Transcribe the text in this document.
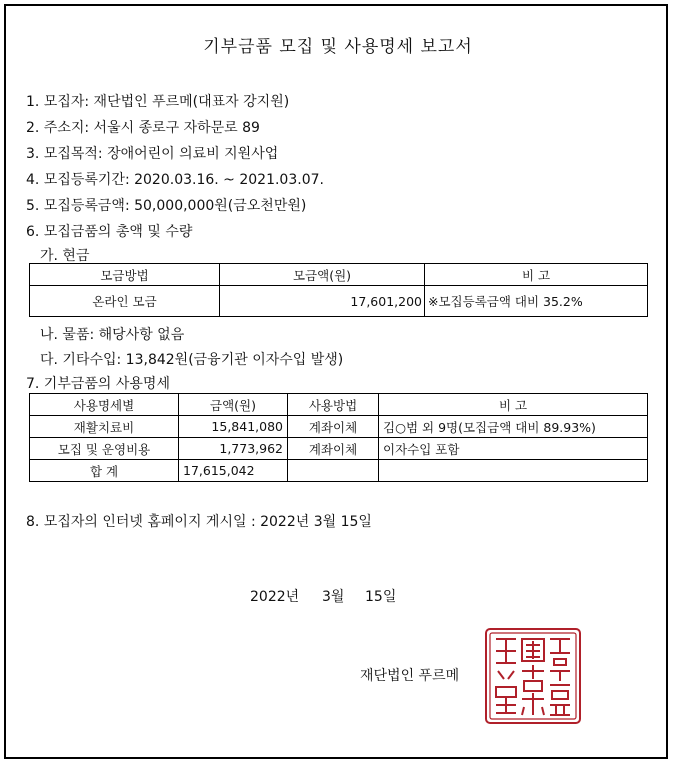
기부금품 모집 및 사용명세 보고서
1. 모집자: 재단법인 푸르메(대표자 강지원)
2. 주소지: 서울시 종로구 자하문로 89
3. 모집목적: 장애어린이 의료비 지원사업
4. 모집등록기간: 2020.03.16. ~ 2021.03.07.
5. 모집등록금액: 50,000,000원(금오천만원)
6. 모집금품의 총액 및 수량
가. 현금
모금방법	모금액(원)	비 고
온라인 모금	17,601,200	※모집등록금액 대비 35.2%
나. 물품: 해당사항 없음
다. 기타수입: 13,842원(금융기관 이자수입 발생)
7. 기부금품의 사용명세
사용명세별	금액(원)	사용방법	비 고
재활치료비	15,841,080	계좌이체	김○범 외 9명(모집금액 대비 89.93%)
모집 및 운영비용	1,773,962	계좌이체	이자수입 포함
합 계	17,615,042		
8. 모집자의 인터넷 홈페이지 게시일 : 2022년 3월 15일
2022년 3월 15일
재단법인 푸르메
